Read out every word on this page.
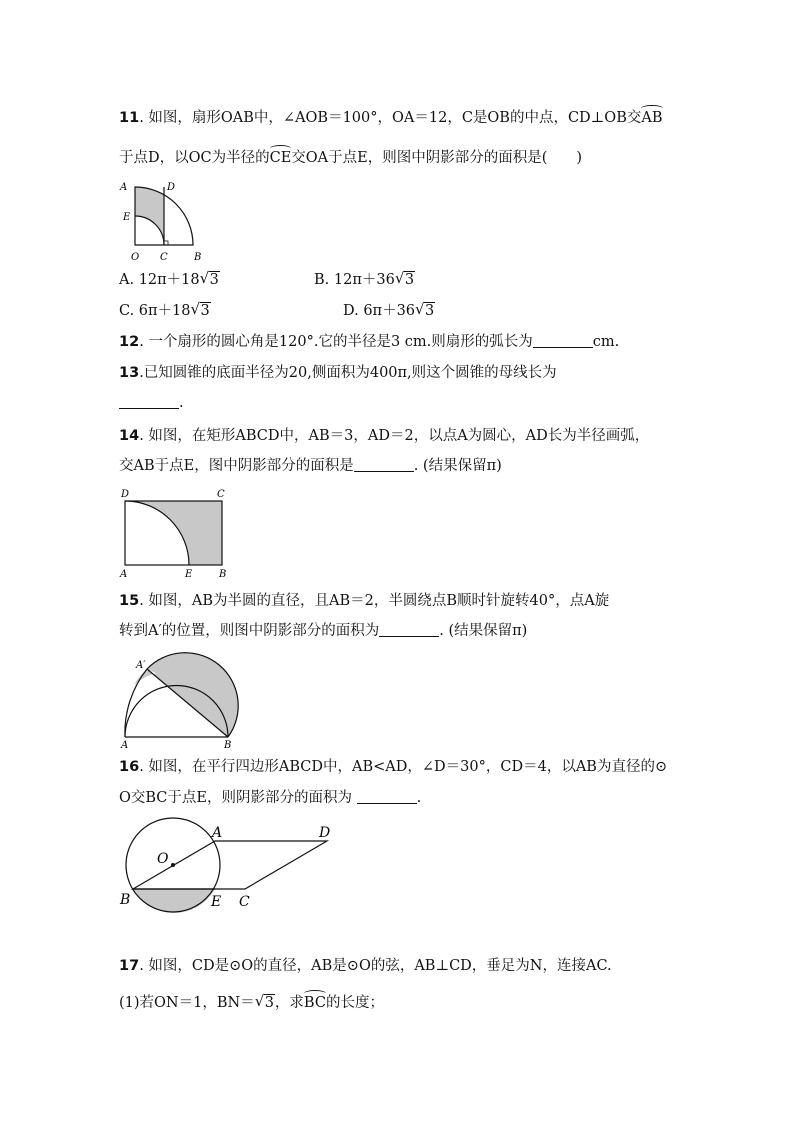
11. 如图，扇形OAB中，∠AOB＝100°，OA＝12，C是OB的中点，CD⊥OB交AB
于点D，以OC为半径的CE交OA于点E，则图中阴影部分的面积是(　　)
A	D
E
O C	B
A. 12π＋18 √ 3	B. 12π＋36 √ 3
C. 6π＋18 √ 3	D. 6π＋36 √ 3
12. 一个扇形的圆心角是120°.它的半径是3 cm.则扇形的弧长为	cm.
13.已知圆锥的底面半径为20,侧面积为400π,则这个圆锥的母线长为
.
14. 如图，在矩形ABCD中，AB＝3，AD＝2，以点A为圆心，AD长为半径画弧，
交AB于点E，图中阴影部分的面积是	. (结果保留π)
D	C
A	E	B
15. 如图，AB为半圆的直径，且AB＝2，半圆绕点B顺时针旋转40°，点A旋
转到A′的位置，则图中阴影部分的面积为	. (结果保留π)
A′
A	B
16. 如图，在平行四边形ABCD中，AB<AD，∠D＝30°，CD＝4，以AB为直径的⊙
O交BC于点E，则阴影部分的面积为	.
O
A	D
B	E C
17. 如图，CD是⊙O的直径，AB是⊙O的弦，AB⊥CD，垂足为N，连接AC.
(1)若ON＝1，BN＝ √ 3，求BC的长度；
